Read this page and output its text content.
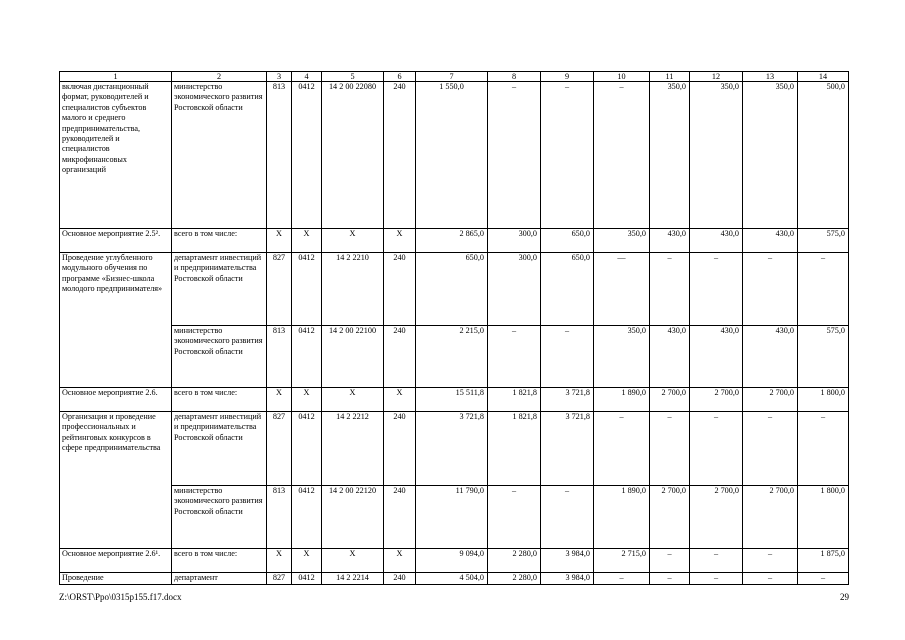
1	2	3	4	5	6	7	8	9	10	11	12	13	14
включая дистанционный формат, руководителей и специалистов субъектов малого и среднего предпринимательства, руководителей и специалистов микрофинансовых организаций	министерство экономического развития Ростовской области	813	0412	14 2 00 22080	240	1 550,0	–	–	–	350,0	350,0	350,0	500,0
Основное мероприятие 2.5².	всего в том числе:	X	X	X	X	2 865,0	300,0	650,0	350,0	430,0	430,0	430,0	575,0
Проведение углубленного модульного обучения по программе «Бизнес-школа молодого предпринимателя»	департамент инвестиций и предпринимательства Ростовской области	827	0412	14 2 2210	240	650,0	300,0	650,0	—	–	–	–	–
	министерство экономического развития Ростовской области	813	0412	14 2 00 22100	240	2 215,0	–	–	350,0	430,0	430,0	430,0	575,0
Основное мероприятие 2.6.	всего в том числе:	X	X	X	X	15 511,8	1 821,8	3 721,8	1 890,0	2 700,0	2 700,0	2 700,0	1 800,0
Организация и проведение профессиональных и рейтинговых конкурсов в сфере предпринимательства	департамент инвестиций и предпринимательства Ростовской области	827	0412	14 2 2212	240	3 721,8	1 821,8	3 721,8	–	–	–	–	–
	министерство экономического развития Ростовской области	813	0412	14 2 00 22120	240	11 790,0	–	–	1 890,0	2 700,0	2 700,0	2 700,0	1 800,0
Основное мероприятие 2.6¹.	всего в том числе:	X	X	X	X	9 094,0	2 280,0	3 984,0	2 715,0	–	–	–	1 875,0
Проведение	департамент	827	0412	14 2 2214	240	4 504,0	2 280,0	3 984,0	–	–	–	–	–
Z:\ORST\Ppo\0315p155.f17.docx	29
